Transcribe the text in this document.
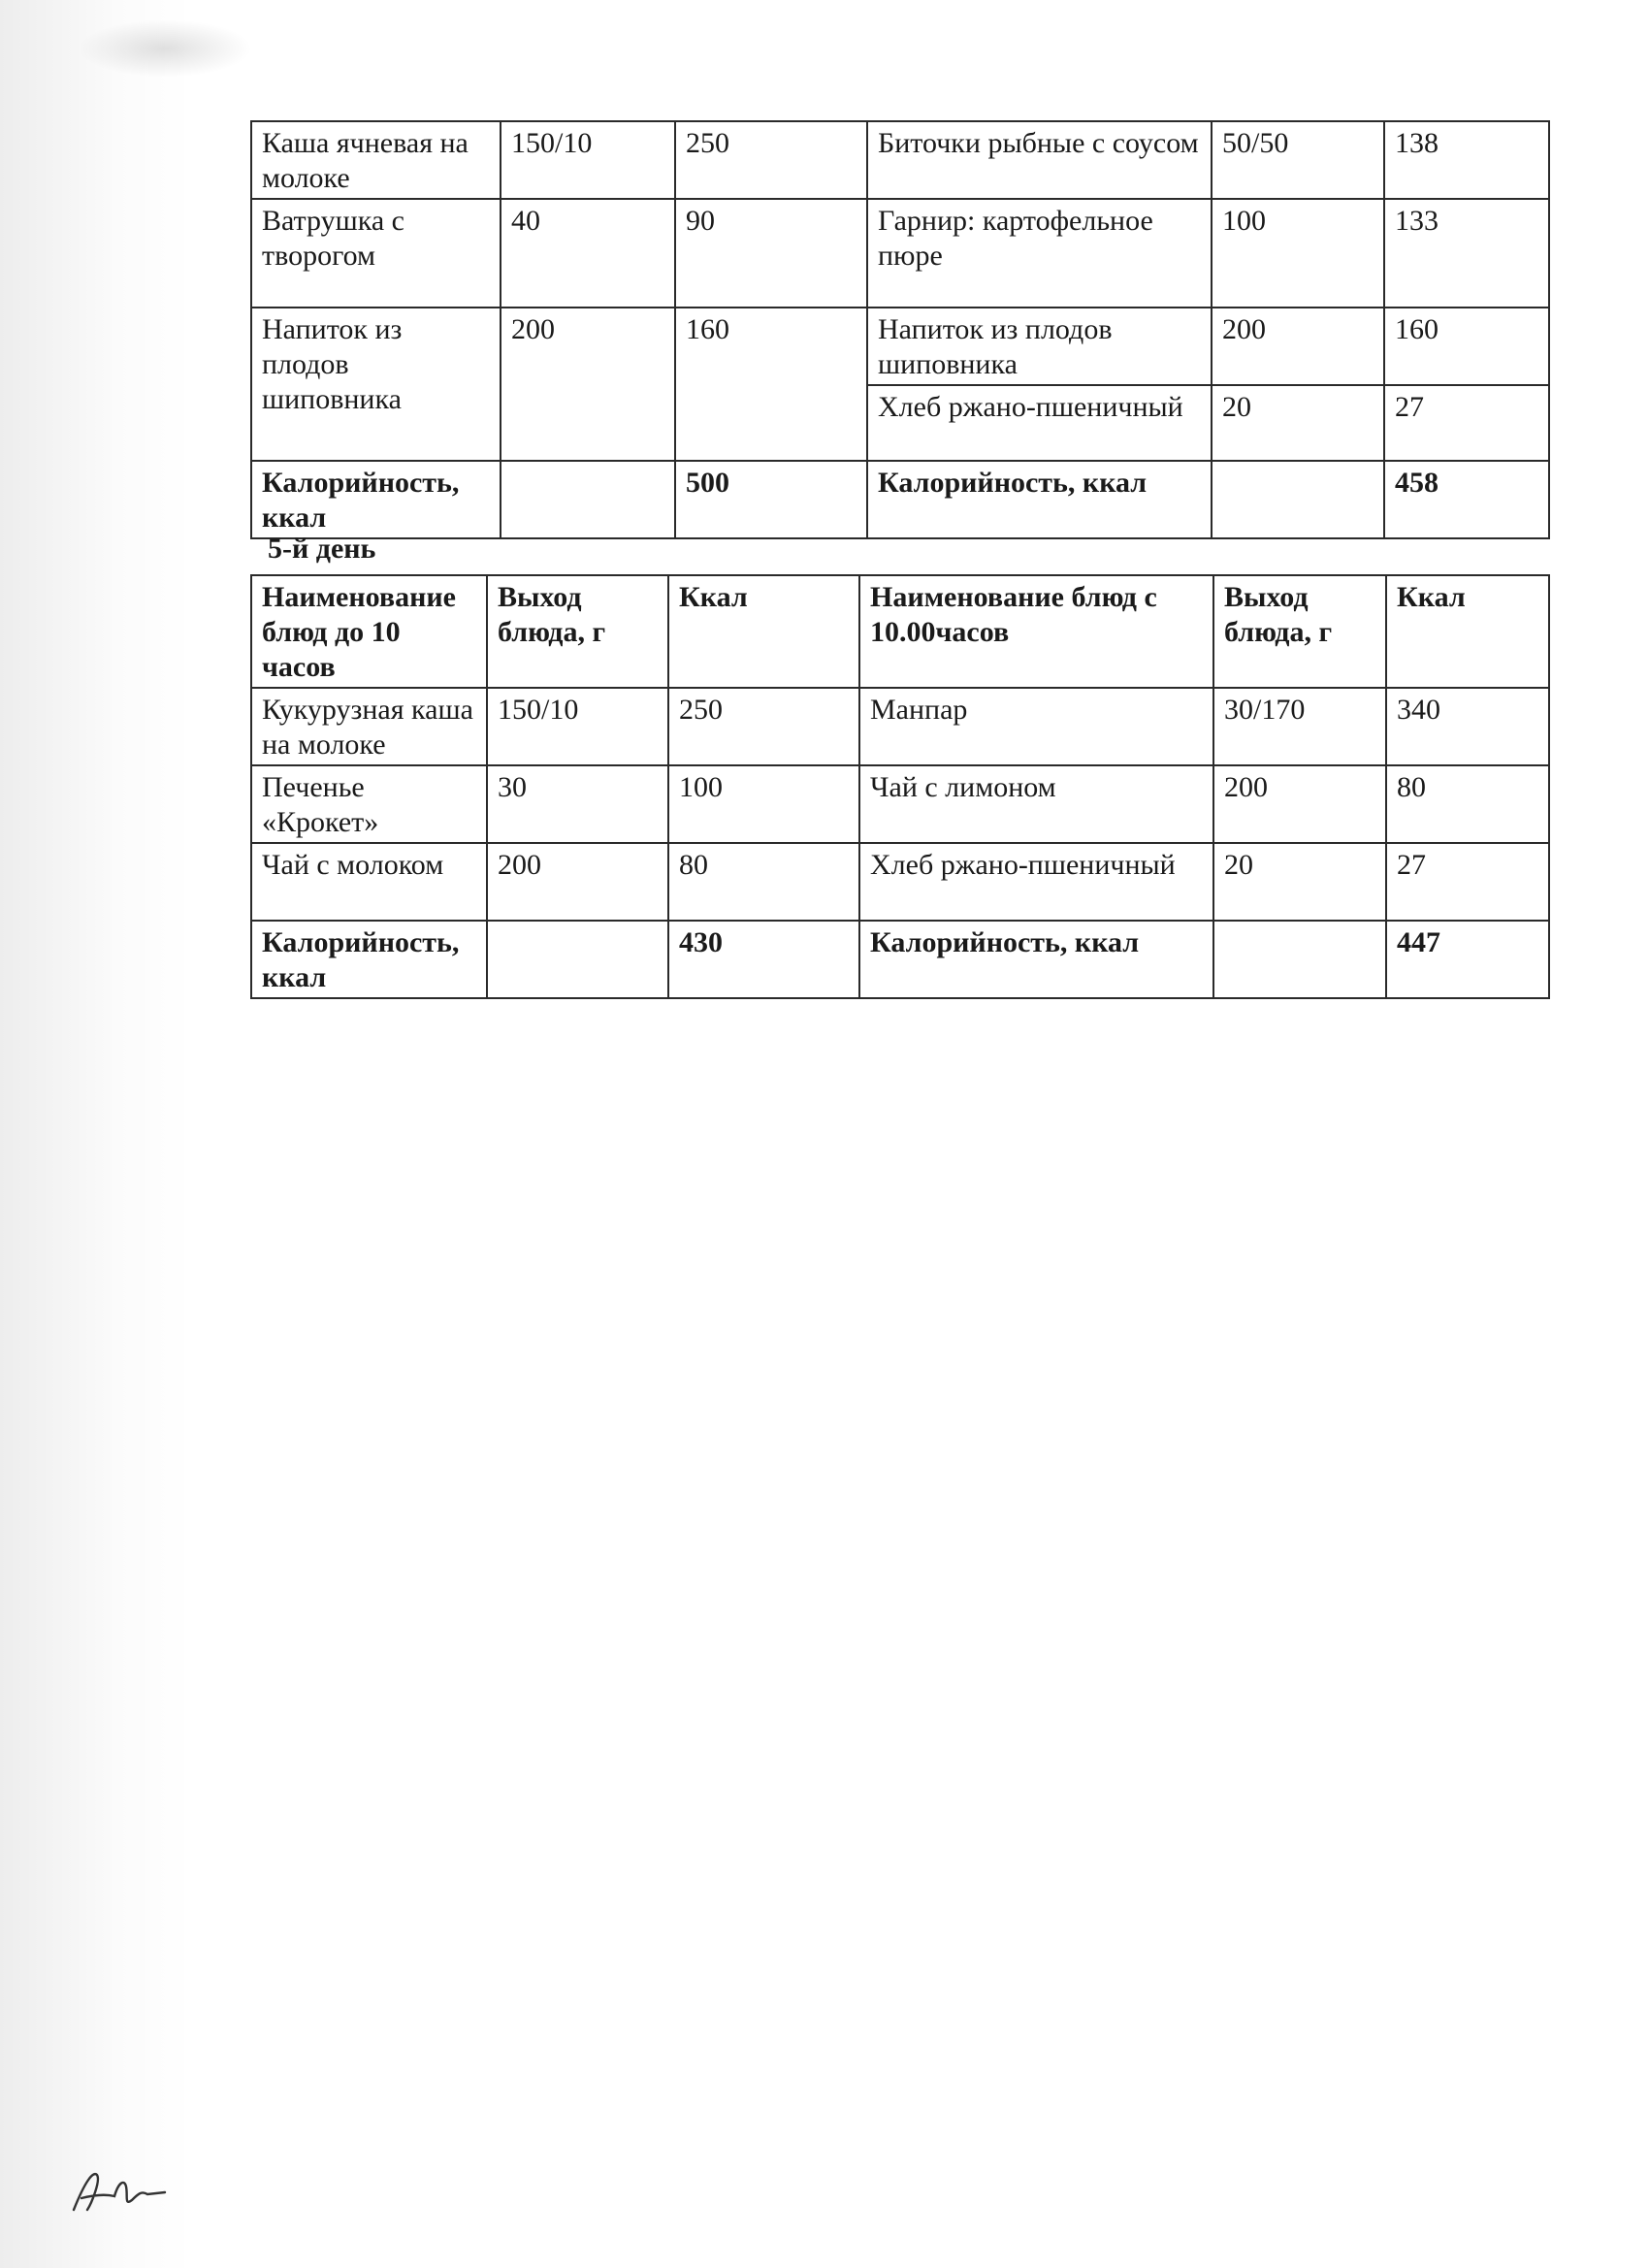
Каша ячневая на молоке	150/10	250	Биточки рыбные с соусом	50/50	138
Ватрушка с творогом	40	90	Гарнир: картофельное пюре	100	133
Напиток из плодов шиповника	200	160	Напиток из плодов шиповника	200	160
			Хлеб ржано-пшеничный	20	27
Калорийность, ккал		500	Калорийность, ккал		458
5-й день
Наименование блюд до 10 часов	Выход блюда, г	Ккал	Наименование блюд с 10.00часов	Выход блюда, г	Ккал
Кукурузная каша на молоке	150/10	250	Манпар	30/170	340
Печенье «Крокет»	30	100	Чай с лимоном	200	80
Чай с молоком	200	80	Хлеб ржано-пшеничный	20	27
Калорийность, ккал		430	Калорийность, ккал		447
